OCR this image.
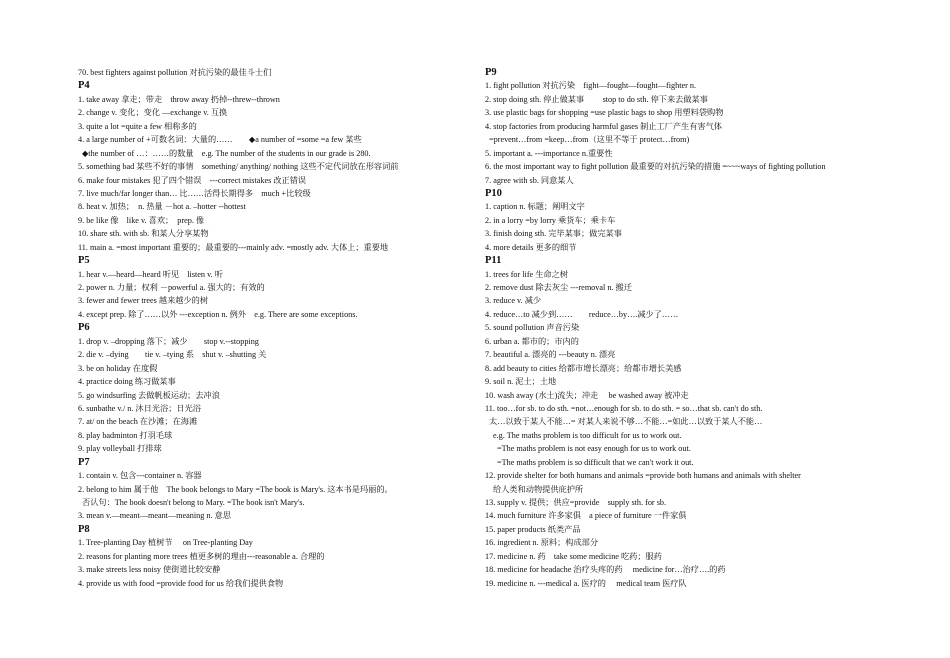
70. best fighters against pollution 对抗污染的最佳斗士们
P4
1. take away 拿走；带走　throw away 扔掉--threw--thrown
2. change v. 变化；变化 —exchange v. 互换
3. quite a lot =quite a few 相称多的
4. a large number of +可数名词：大量的……　　◆a number of =some =a few 某些
◆the number of …：……的数量　e.g. The number of the students in our grade is 280.
5. something bad 某些不好的事情　something/ anything/ nothing 这些不定代词放在形容词前
6. make four mistakes 犯了四个错误　---correct mistakes 改正错误
7. live much/far longer than… 比……活得长期得多　much +比较级
8. heat v. 加热；　n. 热量 －hot a. –hotter --hottest
9. be like 像　like v. 喜欢；　prep. 像
10. share sth. with sb. 和某人分享某物
11. main a. =most important 重要的；最重要的---mainly adv. =mostly adv. 大体上；重要地
P5
1. hear v.—heard—heard 听见　listen v. 听
2. power n. 力量；权利 －powerful a. 强大的；有效的
3. fewer and fewer trees 越来越少的树
4. except prep. 除了……以外 ---exception n. 例外　e.g. There are some exceptions.
P6
1. drop v. –dropping 落下；减少　　stop v.--stopping
2. die v. –dying　　tie v. –tying 系　shut v. –shutting 关
3. be on holiday 在度假
4. practice doing 练习做某事
5. go windsurfing 去做帆板运动；去冲浪
6. sunbathe v./ n. 沐日光浴；日光浴
7. at/ on the beach 在沙滩；在海滩
8. play badminton 打羽毛球
9. play volleyball 打排球
P7
1. contain v. 包含---container n. 容器
2. belong to him 属于他　The book belongs to Mary =The book is Mary's. 这本书是玛丽的。
否认句：The book doesn't belong to Mary. =The book isn't Mary's.
3. mean v.—meant—meant—meaning n. 意思
P8
1. Tree-planting Day 植树节　 on Tree-planting Day
2. reasons for planting more trees 植更多树的理由---reasonable a. 合理的
3. make streets less noisy 使街道比较安静
4. provide us with food =provide food for us 给我们提供食物
P9
1. fight pollution 对抗污染　fight—fought—fought—fighter n.
2. stop doing sth. 停止做某事　　 stop to do sth. 停下来去做某事
3. use plastic bags for shopping =use plastic bags to shop 用塑料袋购物
4. stop factories from producing harmful gases 制止工厂产生有害气体
=prevent…from =keep…from（这里不等于 protect…from)
5. important a. ---importance n.重要性
6. the most important way to fight pollution 最重要的对抗污染的措施 =~~~ways of fighting pollution
7. agree with sb. 同意某人
P10
1. caption n. 标题；阐明文字
2. in a lorry =by lorry 乘货车；乘卡车
3. finish doing sth. 完毕某事；做完某事
4. more details 更多的细节
P11
1. trees for life 生命之树
2. remove dust 除去灰尘 ---removal n. 搬迁
3. reduce v. 减少
4. reduce…to 减少到……　　reduce…by….减少了……
5. sound pollution 声音污染
6. urban a. 都市的；市内的
7. beautiful a. 漂亮的 ---beauty n. 漂亮
8. add beauty to cities 给都市增长漂亮；给都市增长美感
9. soil n. 泥土；土地
10. wash away (水土)流失；冲走　 be washed away 被冲走
11. too…for sb. to do sth. =not…enough for sb. to do sth. = so…that sb. can't do sth.
太…以致于某人不能…= 对某人来说不够…不能…=如此…以致于某人不能…
e.g. The maths problem is too difficult for us to work out.
=The maths problem is not easy enough for us to work out.
=The maths problem is so difficult that we can't work it out.
12. provide shelter for both humans and animals =provide both humans and animals with shelter
给人类和动物提供庇护所
13. supply v. 提供；供应=provide　supply sth. for sb.
14. much furniture 许多家俱　a piece of furniture 一件家俱
15. paper products 纸类产品
16. ingredient n. 原料；构成部分
17. medicine n. 药　take some medicine 吃药；服药
18. medicine for headache 治疗头疼的药　 medicine for…治疗….的药
19. medicine n. ---medical a. 医疗的　 medical team 医疗队
